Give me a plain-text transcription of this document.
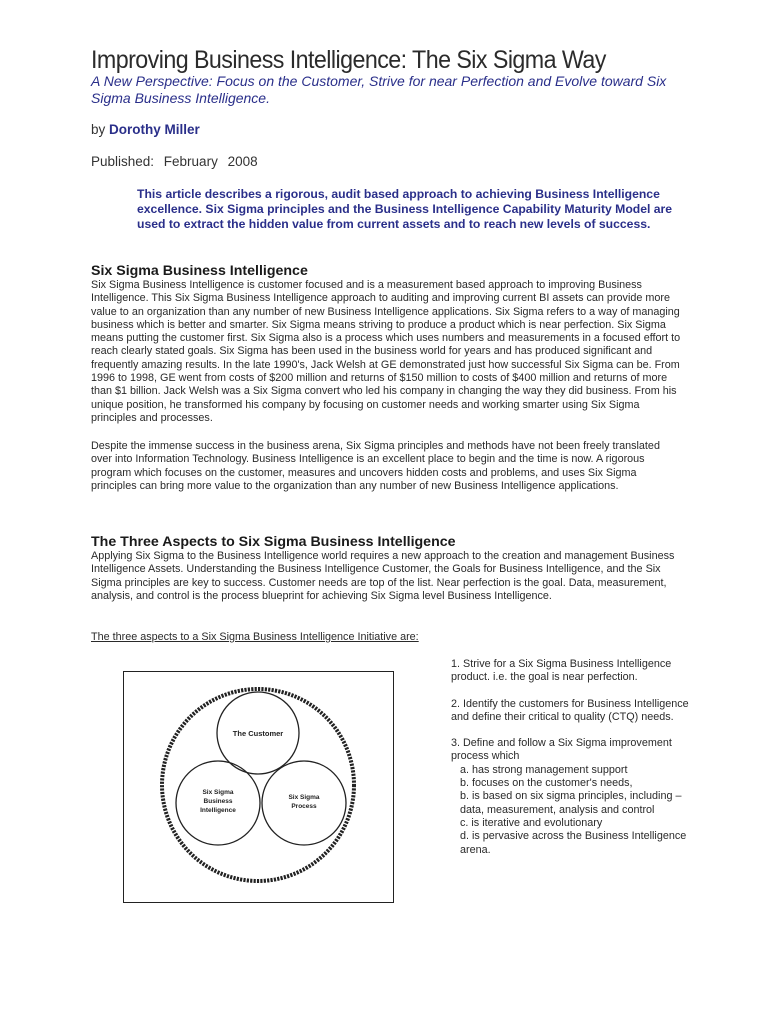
Improving Business Intelligence: The Six Sigma Way
A New Perspective: Focus on the Customer, Strive for near Perfection and Evolve toward Six Sigma Business Intelligence.
by Dorothy Miller
Published: February 2008
This article describes a rigorous, audit based approach to achieving Business Intelligence excellence. Six Sigma principles and the Business Intelligence Capability Maturity Model are used to extract the hidden value from current assets and to reach new levels of success.
Six Sigma Business Intelligence
Six Sigma Business Intelligence is customer focused and is a measurement based approach to improving Business Intelligence. This Six Sigma Business Intelligence approach to auditing and improving current BI assets can provide more value to an organization than any number of new Business Intelligence applications. Six Sigma refers to a way of managing business which is better and smarter. Six Sigma means striving to produce a product which is near perfection. Six Sigma means putting the customer first. Six Sigma also is a process which uses numbers and measurements in a focused effort to reach clearly stated goals. Six Sigma has been used in the business world for years and has produced significant and frequently amazing results. In the late 1990's, Jack Welsh at GE demonstrated just how successful Six Sigma can be. From 1996 to 1998, GE went from costs of $200 million and returns of $150 million to costs of $400 million and returns of more than $1 billion. Jack Welsh was a Six Sigma convert who led his company in changing the way they did business. From his unique position, he transformed his company by focusing on customer needs and working smarter using Six Sigma principles and processes.
Despite the immense success in the business arena, Six Sigma principles and methods have not been freely translated over into Information Technology. Business Intelligence is an excellent place to begin and the time is now. A rigorous program which focuses on the customer, measures and uncovers hidden costs and problems, and uses Six Sigma principles can bring more value to the organization than any number of new Business Intelligence applications.
The Three Aspects to Six Sigma Business Intelligence
Applying Six Sigma to the Business Intelligence world requires a new approach to the creation and management Business Intelligence Assets. Understanding the Business Intelligence Customer, the Goals for Business Intelligence, and the Six Sigma principles are key to success. Customer needs are top of the list. Near perfection is the goal. Data, measurement, analysis, and control is the process blueprint for achieving Six Sigma level Business Intelligence.
The three aspects to a Six Sigma Business Intelligence Initiative are:
The Customer
Six Sigma
Business
Intelligence
Six Sigma
Process
1. Strive for a Six Sigma Business Intelligence product. i.e. the goal is near perfection.
2. Identify the customers for Business Intelligence and define their critical to quality (CTQ) needs.
3. Define and follow a Six Sigma improvement process which
a. has strong management support
b. focuses on the customer's needs,
b. is based on six sigma principles, including – data, measurement, analysis and control
c. is iterative and evolutionary
d. is pervasive across the Business Intelligence arena.
